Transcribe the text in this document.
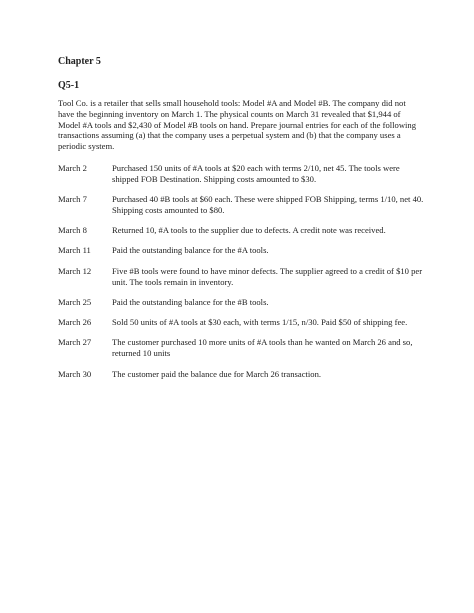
Chapter 5
Q5-1

Tool Co. is a retailer that sells small household tools: Model #A and Model #B. The company did not have the beginning inventory on March 1. The physical counts on March 31 revealed that $1,944 of Model #A tools and $2,430 of Model #B tools on hand. Prepare journal entries for each of the following transactions assuming (a) that the company uses a perpetual system and (b) that the company uses a periodic system.

March 2	Purchased 150 units of #A tools at $20 each with terms 2/10, net 45. The tools were shipped FOB Destination. Shipping costs amounted to $30.
March 7	Purchased 40 #B tools at $60 each. These were shipped FOB Shipping, terms 1/10, net 40. Shipping costs amounted to $80.
March 8	Returned 10, #A tools to the supplier due to defects. A credit note was received.
March 11	Paid the outstanding balance for the #A tools.
March 12	Five #B tools were found to have minor defects. The supplier agreed to a credit of $10 per unit. The tools remain in inventory.
March 25	Paid the outstanding balance for the #B tools.
March 26	Sold 50 units of #A tools at $30 each, with terms 1/15, n/30. Paid $50 of shipping fee.
March 27	The customer purchased 10 more units of #A tools than he wanted on March 26 and so, returned 10 units
March 30	The customer paid the balance due for March 26 transaction.
